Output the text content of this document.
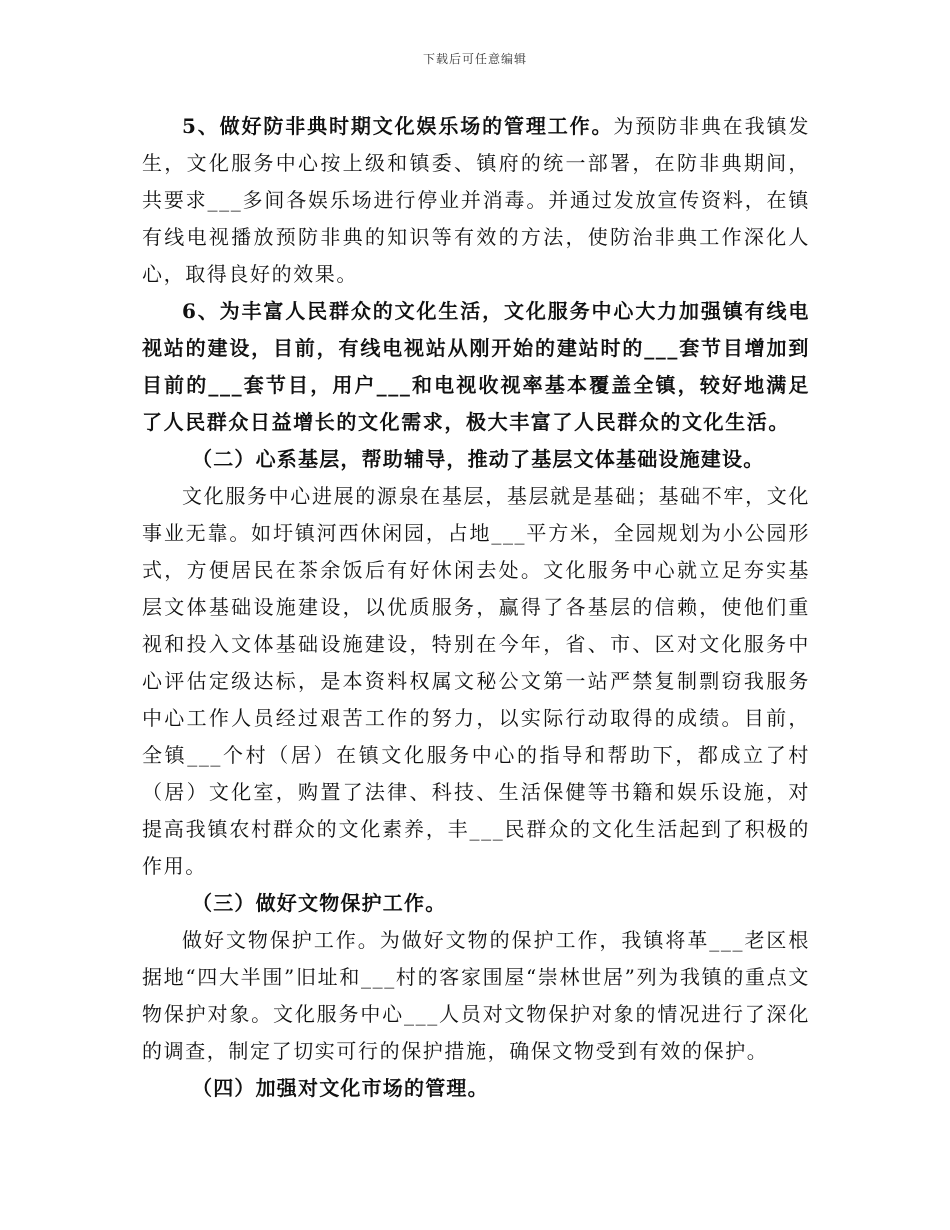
下载后可任意编辑

5、做好防非典时期文化娱乐场的管理工作。为预防非典在我镇发生，文化服务中心按上级和镇委、镇府的统一部署，在防非典期间，共要求___多间各娱乐场进行停业并消毒。并通过发放宣传资料，在镇有线电视播放预防非典的知识等有效的方法，使防治非典工作深化人心，取得良好的效果。

6、为丰富人民群众的文化生活，文化服务中心大力加强镇有线电视站的建设，目前，有线电视站从刚开始的建站时的___套节目增加到目前的___套节目，用户___和电视收视率基本覆盖全镇，较好地满足了人民群众日益增长的文化需求，极大丰富了人民群众的文化生活。

（二）心系基层，帮助辅导，推动了基层文体基础设施建设。

文化服务中心进展的源泉在基层，基层就是基础；基础不牢，文化事业无靠。如圩镇河西休闲园，占地___平方米，全园规划为小公园形式，方便居民在茶余饭后有好休闲去处。文化服务中心就立足夯实基层文体基础设施建设，以优质服务，赢得了各基层的信赖，使他们重视和投入文体基础设施建设，特别在今年，省、市、区对文化服务中心评估定级达标，是本资料权属文秘公文第一站严禁复制剽窃我服务中心工作人员经过艰苦工作的努力，以实际行动取得的成绩。目前，全镇___个村（居）在镇文化服务中心的指导和帮助下，都成立了村（居）文化室，购置了法律、科技、生活保健等书籍和娱乐设施，对提高我镇农村群众的文化素养，丰___民群众的文化生活起到了积极的作用。

（三）做好文物保护工作。

做好文物保护工作。为做好文物的保护工作，我镇将革___老区根据地“四大半围”旧址和___村的客家围屋“崇林世居”列为我镇的重点文物保护对象。文化服务中心___人员对文物保护对象的情况进行了深化的调查，制定了切实可行的保护措施，确保文物受到有效的保护。

（四）加强对文化市场的管理。
